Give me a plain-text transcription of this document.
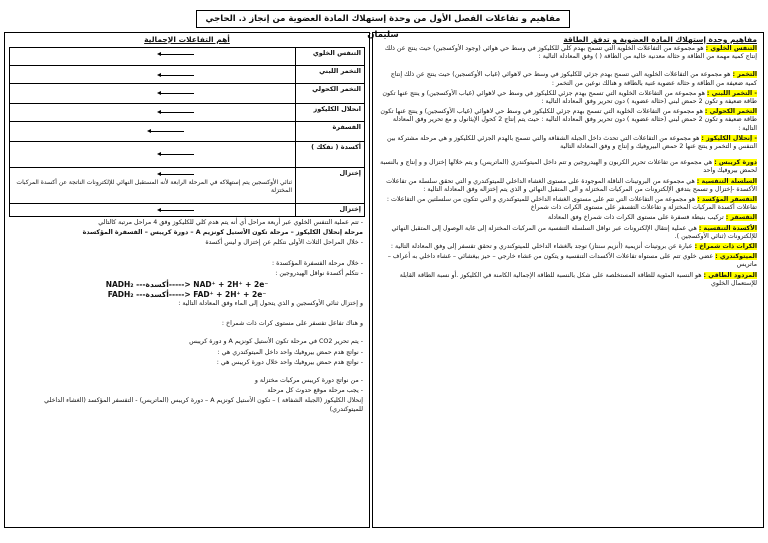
مفاهيم و تفاعلات الفصل الأول من وحدة إستهلاك المادة العضوية من إنجاز ذ. الحاجي سليمان
أهم التفاعلات الإجمالية
التنفس الخلوي	

التخمر اللبني	

التخمر الكحولي	

انحلال الكليكوز	

الفسفرة	

أكسدة ( تفكك )	

إختزال	ثنائي الأوكسجين يتم إستهلاكه في المرحلة الرابعة لأنه المستقبل النهائي للإلكترونات الناتجة عن أكسدة المركبات المختزلة

إختزال	

- تتم عملية التنفس الخلوي عبر أربعة مراحل أي أنه يتم هدم كلي للكليكوز وفق 4 مراحل مرتبة كالتالي

مرحلة إنحلال الكليكوز – مرحلة تكون الأستيل كونزيم A – دورة كريبس – الفسفرة المؤكسدة

- خلال المراحل الثلاث الأولى نتكلم عن إختزال و ليس أكسدة

- خلال مرحلة الفسفرة المؤكسدة :

- نتكلم أكسدة نواقل الهيدروجين :

NADH₂ ---أكسدة-----> NAD⁺ + 2H⁺ + 2e⁻
FADH₂ ---أكسدة-----> FAD⁺ + 2H⁺ + 2e⁻

و إختزال ثنائي الأوكسجين و الذي يتحول إلى الماء وفق المعادلة التالية :

و هناك تفاعل تفسفر على مستوى كرات ذات شمراخ :

- يتم تحرير CO2 في مرحلة تكون الأستيل كونزيم A و دورة كريبس

- نواتج هدم حمض بيروفيك واحد داخل الميتوكندري هي :

- نواتج هدم حمض بيروفيك واحد خلال دورة كريبس هي :

- من نواتج دورة كريبس مركبات مختزلة و

- يجب مرحلة موقع حدوث كل مرحلة

إنحلال الكليكوز (الجبلة الشفافة ) – تكون الأستيل كونزيم A – دورة كريبس (الماتريس) - التفسفر المؤكسد (الغشاء الداخلي للميتوكندري)

مفاهيم وحدة إستهلاك المادة العضوية و تدفق الطاقة

التنفس الخلوي : هو مجموعة من التفاعلات الخلوية التي تسمح بهدم كلي للكليكوز في وسط حي هوائي (وجود الأوكسجين) حيث ينتج عن ذلك إنتاج كمية مهمة من الطاقة و حثالة معدنية خالية من الطاقة ( ) وفق المعادلة التالية :

التخمر : هو مجموعة من التفاعلات الخلوية التي تسمح بهدم جزئي للكليكوز في وسط حي لاهوائي (غياب الأوكسجين) حيث ينتج عن ذلك إنتاج كمية ضعيفة من الطاقة و حثالة عضوية غنية بالطاقة و هنالك نوعين من التخمر :

- التخمر اللبني : هو مجموعة من التفاعلات الخلوية التي تسمح بهدم جزئي للكليكوز في وسط حي لاهوائي (غياب الأوكسجين) و ينتج عنها تكون طاقة ضعيفة و تكون 2 حمض لبني (حثالة عضوية ) دون تحرير وفق المعادلة التالية :

التخمر الكحولي : هو مجموعة من التفاعلات الخلوية التي تسمح بهدم جزئي للكليكوز في وسط حي لاهوائي (غياب الأوكسجين) و ينتج عنها تكون طاقة ضعيفة و تكون 2 حمض لبني (حثالة عضوية ) دون تحرير وفق المعادلة التالية : حيث يتم إنتاج 2 كحول الإيثانول و مع تحرير وفق المعادلة التالية :

- إنحلال الكليكوز : هو مجموعة من التفاعلات التي تحدث داخل الجبلة الشفافة والتي تسمح بالهدم الجزئي للكليكوز و هي مرحلة مشتركة بين التنفس و التخمر و ينتج عنها 2 حمض البيروفيك و إنتاج و وفق المعادلة التالية

دورة كريبس : هي مجموعة من تفاعلات تحرير الكربون و الهيدروجين و تتم داخل الميتوكندري (الماتريس) و يتم خلالها إختزال و و إنتاج و بالنسبة لحمض بيروفيك واحد

السلسلة التنفسية : هي مجموعة من البروتينات الناقلة الموجودة على مستوى الغشاء الداخلي للميتوكندري و التي تحقق سلسلة من تفاعلات الأكسدة -إختزال و تسمح بتدفق الإلكترونات من المركبات المختزلة و الى المتقبل النهائي و الذي يتم إختزاله وفق المعادلة التالية :

التفسفر المؤكسد : هو مجموعة من التفاعلات التي تتم على مستوى الغشاء الداخلي للميتوكندري و التي تتكون من سلسلتين من التفاعلات : تفاعلات أكسدة المركبات المختزلة و تفاعلات التفسفر على مستوى الكرات ذات شمراخ

التفسفر : تركيب بنيطة فسفرة على مستوى الكرات ذات شمراخ وفق المعادلة

الأكسدة التنفسية : هي عملية إنتقال الإلكترونات عبر نواقل السلسلة التنفسية من المركبات المختزلة إلى غاية الوصول إلى المتقبل النهائي للإلكترونات (ثنائي الأوكسجين ).

الكرات ذات شمراخ : عبارة عن بروتينات أنزيمية (أنزيم سنتاز) توجد بالغشاء الداخلي للميتوكندري و تحقق تفسفر إلى وفق المعادلة التالية :

الميتوكندري : عضي خلوي تتم على مستواه تفاعلات الأكسدات التنفسية و يتكون من غشاء خارجي – حيز بيغشائي – غشاء داخلي به أعراف – ماتريس

المردود الطاقي : هو النسبة المئوية للطاقة المستخلصة على شكل بالنسبة للطاقة الإجمالية الكامنة في الكليكوز .أو نسبة الطاقة القابلة للإستعمال الخلوي
